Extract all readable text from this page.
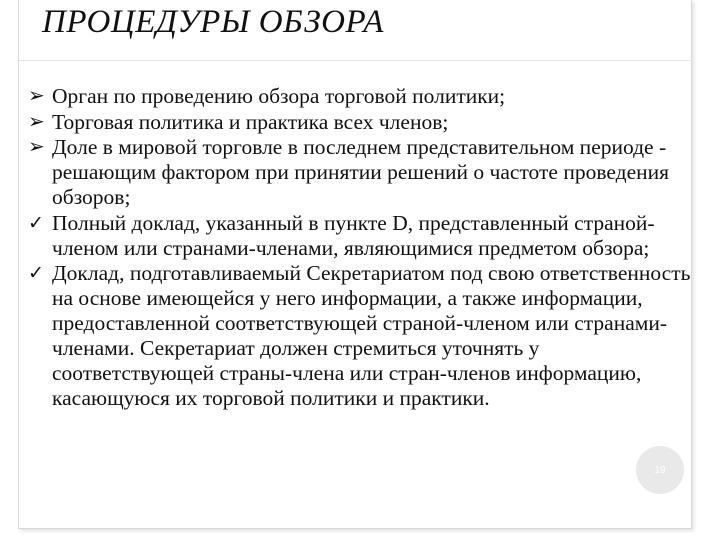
ПРОЦЕДУРЫ ОБЗОРА
➢ Орган по проведению обзора торговой политики;
➢ Торговая политика и практика всех членов;
➢ Доле в мировой торговле в последнем представительном периоде - решающим фактором при принятии решений о частоте проведения обзоров;
✓ Полный доклад, указанный в пункте D, представленный страной-членом или странами-членами, являющимися предметом обзора;
✓ Доклад, подготавливаемый Секретариатом под свою ответственность на основе имеющейся у него информации, а также информации, предоставленной соответствующей страной-членом или странами-членами. Секретариат должен стремиться уточнять у соответствующей страны-члена или стран-членов информацию, касающуюся их торговой политики и практики.
19
